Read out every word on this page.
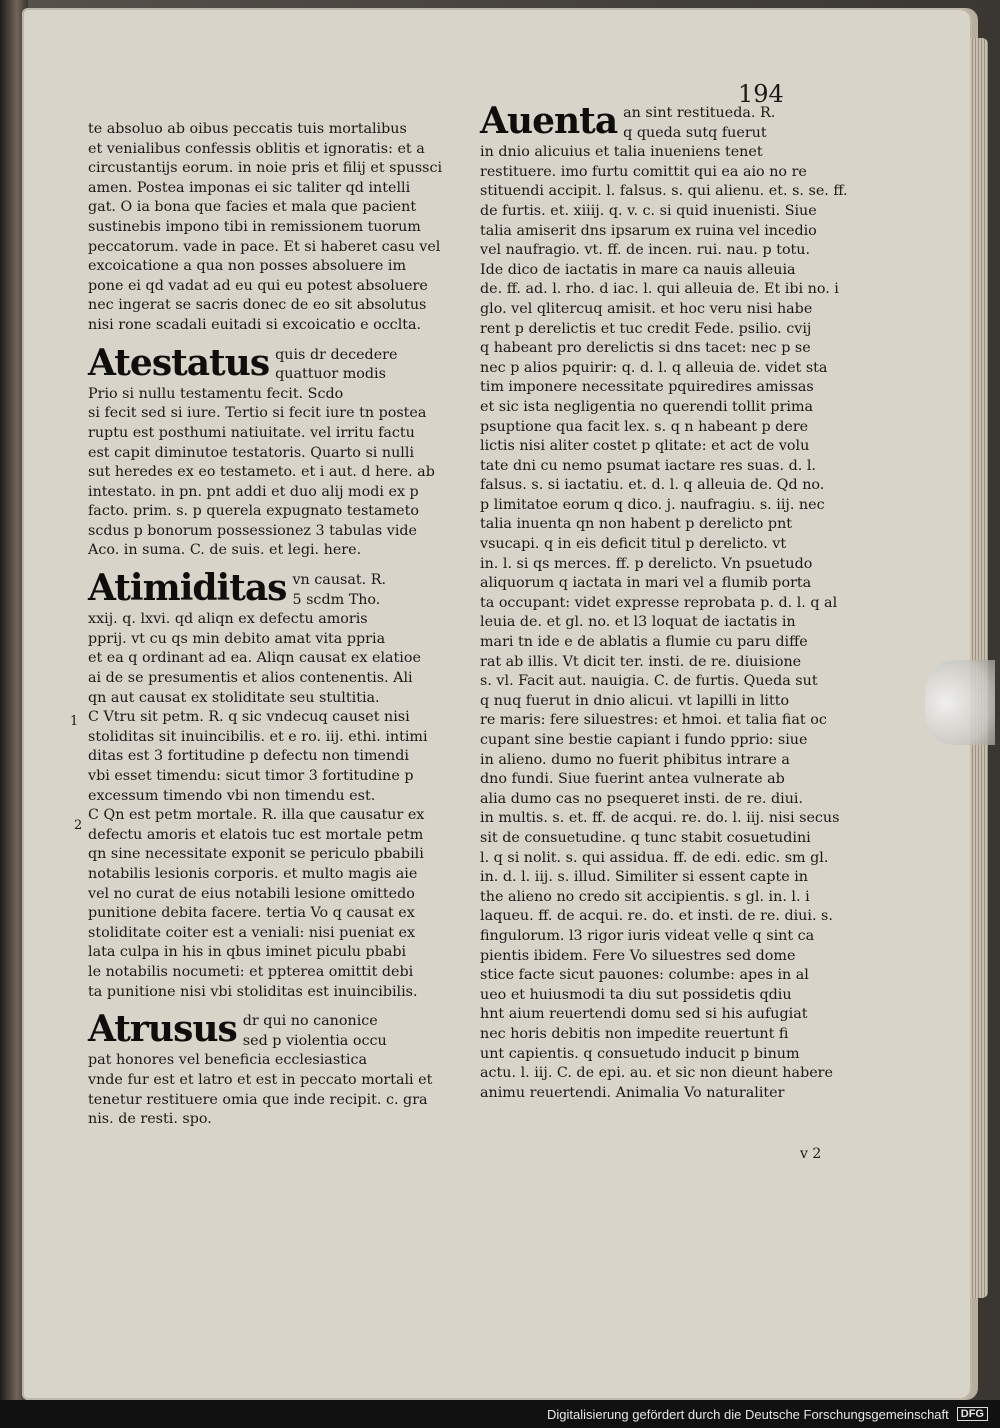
194
te absoluo ab oibus peccatis tuis mortalibus
et venialibus confessis oblitis et ignoratis: et a
circustantijs eorum. in noie pris et filij et spussci
amen. Postea imponas ei sic taliter qd intelli
gat. O ia bona que facies et mala que pacient
sustinebis impono tibi in remissionem tuorum
peccatorum. vade in pace. Et si haberet casu vel
excoicatione a qua non posses absoluere im
pone ei qd vadat ad eu qui eu potest absoluere
nec ingerat se sacris donec de eo sit absolutus
nisi rone scadali euitadi si excoicatio e occlta.
Atestatus quis dr decedere
quattuor modis
Prio si nullu testamentu fecit. Scdo
si fecit sed si iure. Tertio si fecit iure tn postea
ruptu est posthumi natiuitate. vel irritu factu
est capit diminutoe testatoris. Quarto si nulli
sut heredes ex eo testameto. et i aut. d here. ab
intestato. in pn. pnt addi et duo alij modi ex p
facto. prim. s. p querela expugnato testameto
scdus p bonorum possessionez 3 tabulas vide
Aco. in suma. C. de suis. et legi. here.
Atimiditas vn causat. R.
5 scdm Tho.
xxij. q. lxvi. qd aliqn ex defectu amoris
pprij. vt cu qs min debito amat vita ppria
et ea q ordinant ad ea. Aliqn causat ex elatioe
ai de se presumentis et alios contenentis. Ali
qn aut causat ex stoliditate seu stultitia.
C Vtru sit petm. R. q sic vndecuq causet nisi
stoliditas sit inuincibilis. et e ro. iij. ethi. intimi
ditas est 3 fortitudine p defectu non timendi
vbi esset timendu: sicut timor 3 fortitudine p
excessum timendo vbi non timendu est.
C Qn est petm mortale. R. illa que causatur ex
defectu amoris et elatois tuc est mortale petm
qn sine necessitate exponit se periculo pbabili
notabilis lesionis corporis. et multo magis aie
vel no curat de eius notabili lesione omittedo
punitione debita facere. tertia Vo q causat ex
stoliditate coiter est a veniali: nisi pueniat ex
lata culpa in his in qbus iminet piculu pbabi
le notabilis nocumeti: et ppterea omittit debi
ta punitione nisi vbi stoliditas est inuincibilis.
Atrusus dr qui no canonice
sed p violentia occu
pat honores vel beneficia ecclesiastica
vnde fur est et latro et est in peccato mortali et
tenetur restituere omia que inde recipit. c. gra
nis. de resti. spo.
Auenta an sint restitueda. R.
q queda sutq fuerut
in dnio alicuius et talia inueniens tenet
restituere. imo furtu comittit qui ea aio no re
stituendi accipit. l. falsus. s. qui alienu. et. s. se. ff.
de furtis. et. xiiij. q. v. c. si quid inuenisti. Siue
talia amiserit dns ipsarum ex ruina vel incedio
vel naufragio. vt. ff. de incen. rui. nau. p totu.
Ide dico de iactatis in mare ca nauis alleuia
de. ff. ad. l. rho. d iac. l. qui alleuia de. Et ibi no. i
glo. vel qlitercuq amisit. et hoc veru nisi habe
rent p derelictis et tuc credit Fede. psilio. cvij
q habeant pro derelictis si dns tacet: nec p se
nec p alios pquirir: q. d. l. q alleuia de. videt sta
tim imponere necessitate pquiredires amissas
et sic ista negligentia no querendi tollit prima
psuptione qua facit lex. s. q n habeant p dere
lictis nisi aliter costet p qlitate: et act de volu
tate dni cu nemo psumat iactare res suas. d. l.
falsus. s. si iactatiu. et. d. l. q alleuia de. Qd no.
p limitatoe eorum q dico. j. naufragiu. s. iij. nec
talia inuenta qn non habent p derelicto pnt
vsucapi. q in eis deficit titul p derelicto. vt
in. l. si qs merces. ff. p derelicto. Vn psuetudo
aliquorum q iactata in mari vel a flumib porta
ta occupant: videt expresse reprobata p. d. l. q al
leuia de. et gl. no. et l3 loquat de iactatis in
mari tn ide e de ablatis a flumie cu paru diffe
rat ab illis. Vt dicit ter. insti. de re. diuisione
s. vl. Facit aut. nauigia. C. de furtis. Queda sut
q nuq fuerut in dnio alicui. vt lapilli in litto
re maris: fere siluestres: et hmoi. et talia fiat oc
cupant sine bestie capiant i fundo pprio: siue
in alieno. dumo no fuerit phibitus intrare a
dno fundi. Siue fuerint antea vulnerate ab
alia dumo cas no psequeret insti. de re. diui.
in multis. s. et. ff. de acqui. re. do. l. iij. nisi secus
sit de consuetudine. q tunc stabit cosuetudini
l. q si nolit. s. qui assidua. ff. de edi. edic. sm gl.
in. d. l. iij. s. illud. Similiter si essent capte in
the alieno no credo sit accipientis. s gl. in. l. i
laqueu. ff. de acqui. re. do. et insti. de re. diui. s.
fingulorum. l3 rigor iuris videat velle q sint ca
pientis ibidem. Fere Vo siluestres sed dome
stice facte sicut pauones: columbe: apes in al
ueo et huiusmodi ta diu sut possidetis qdiu
hnt aium reuertendi domu sed si his aufugiat
nec horis debitis non impedite reuertunt fi
unt capientis. q consuetudo inducit p binum
actu. l. iij. C. de epi. au. et sic non dieunt habere
animu reuertendi. Animalia Vo naturaliter
1
2
v 2
Digitalisierung gefördert durch die Deutsche Forschungsgemeinschaft	DFG
